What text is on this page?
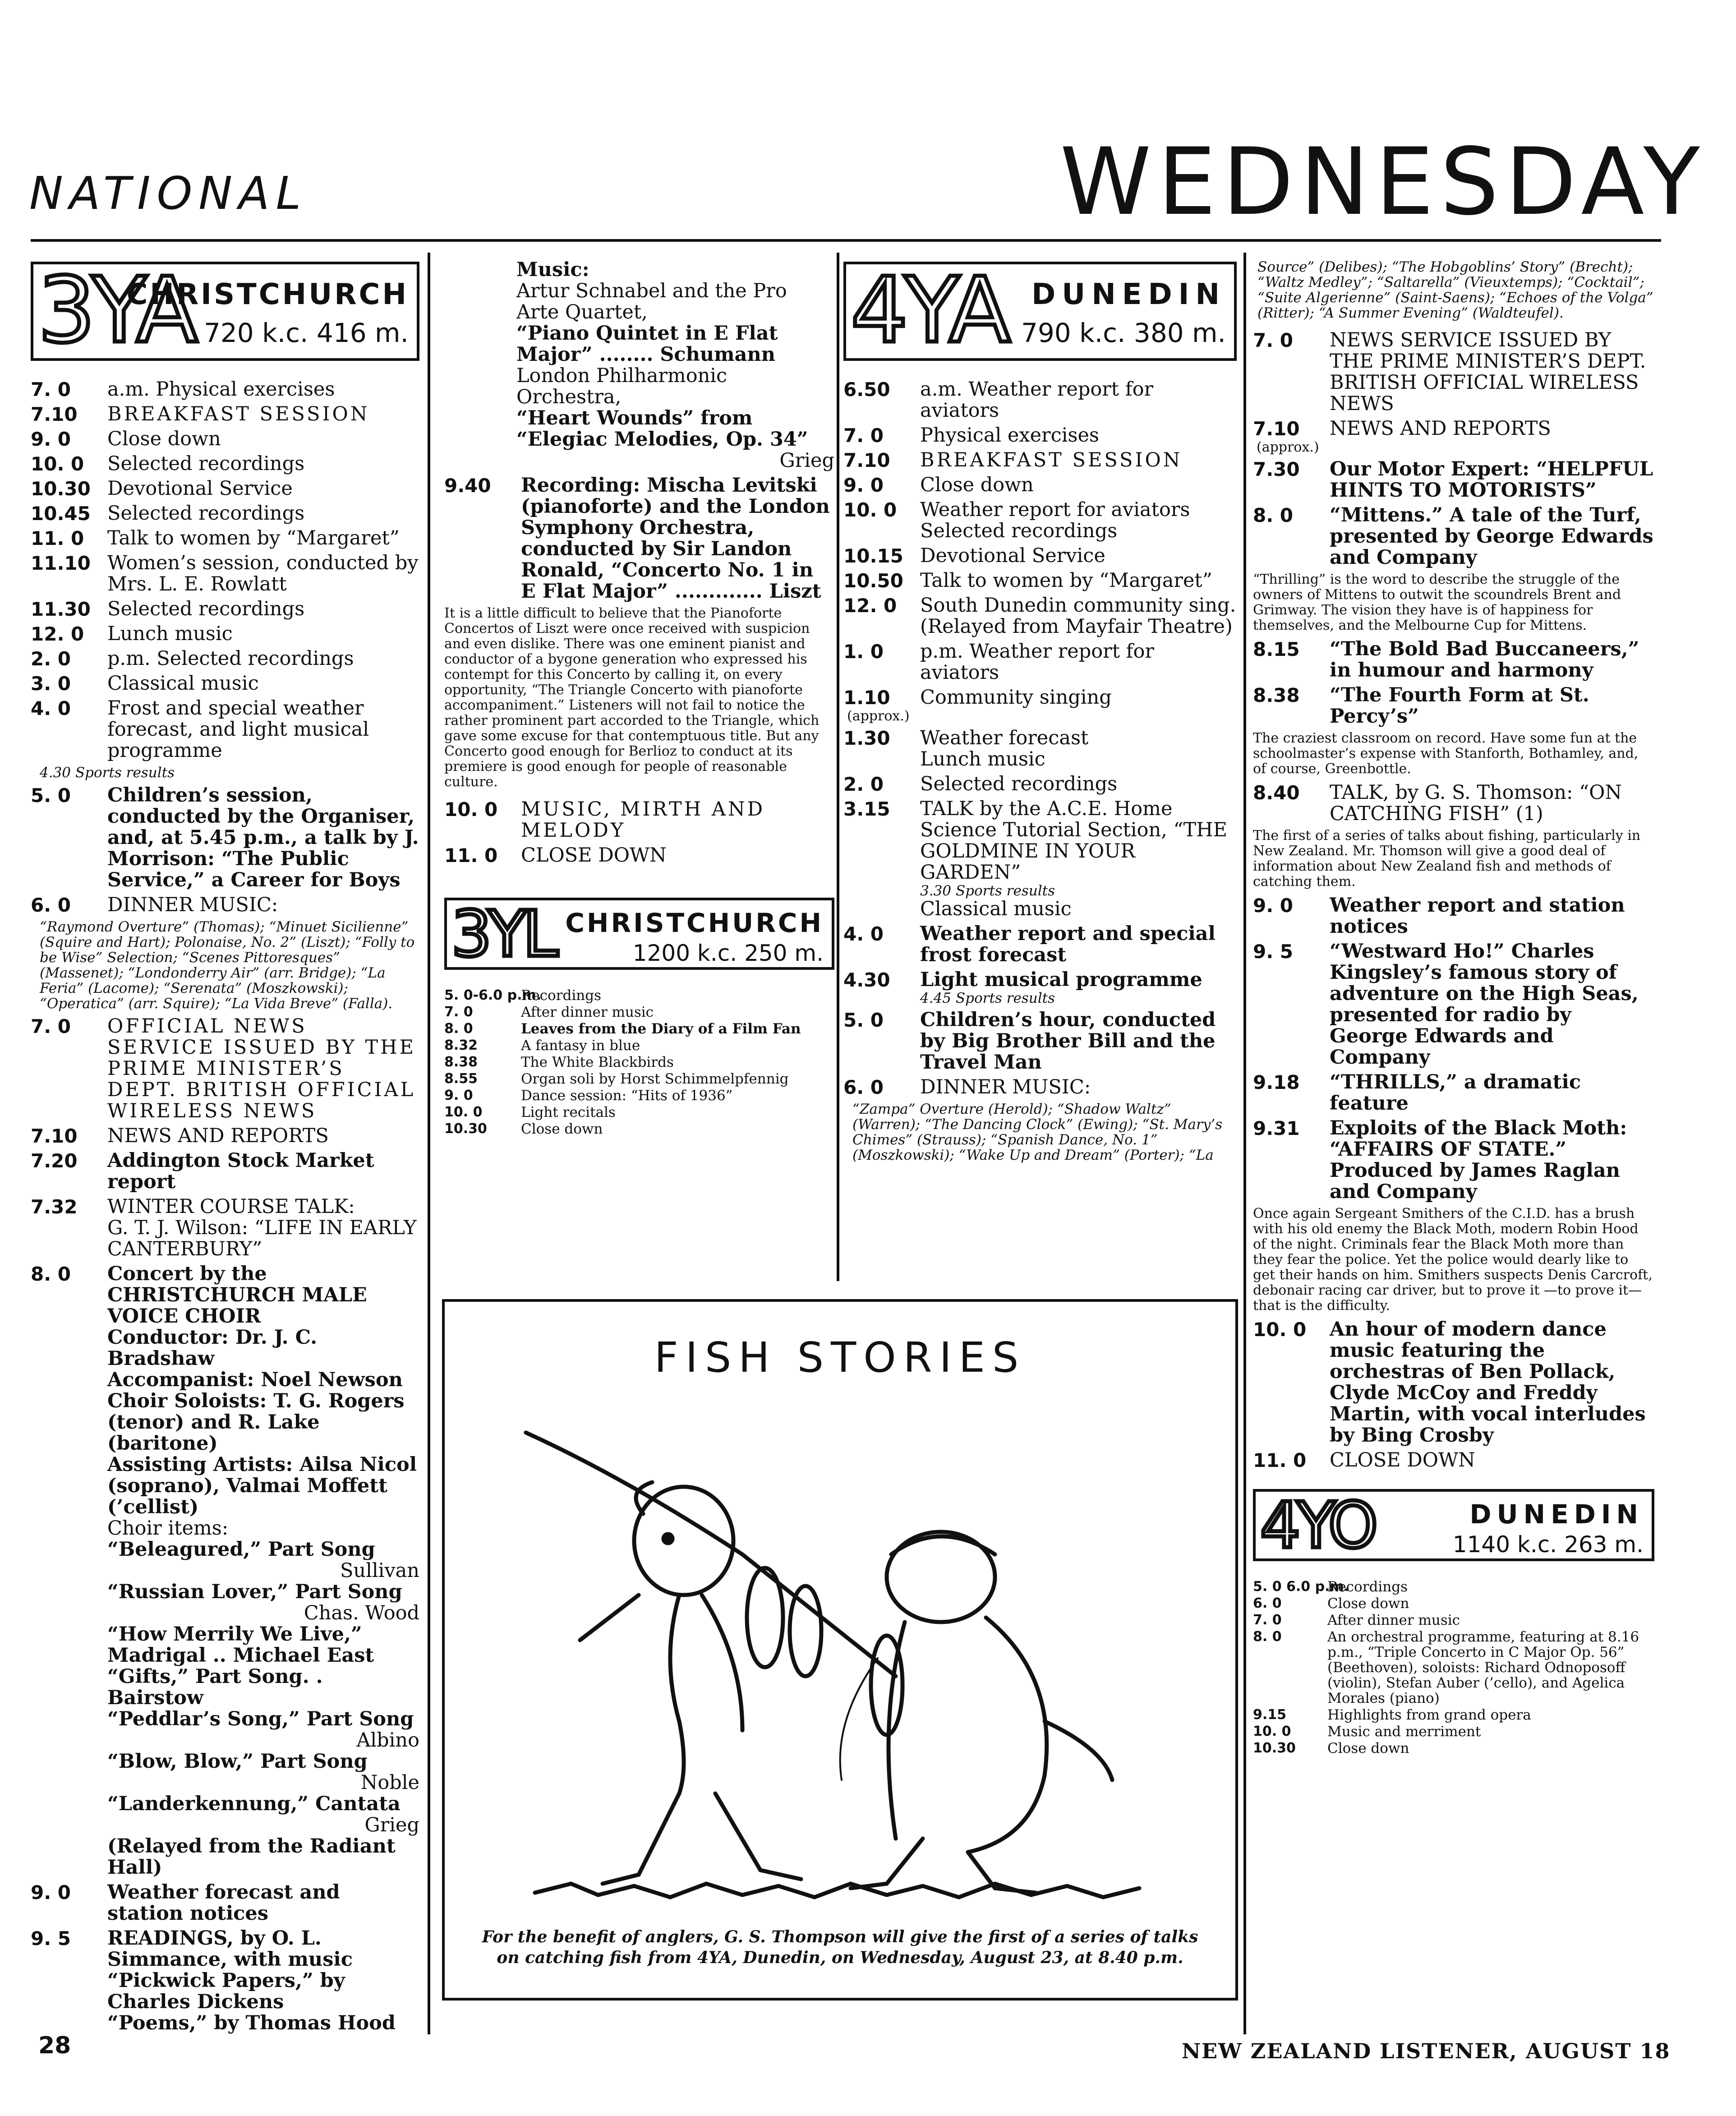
NATIONAL	WEDNESDAY
3YA
CHRISTCHURCH
720 k.c. 416 m.
7. 0 a.m. Physical exercises
7.10 BREAKFAST SESSION
9. 0 Close down
10. 0 Selected recordings
10.30 Devotional Service
10.45 Selected recordings
11. 0 Talk to women by “Margaret”
11.10 Women’s session, conducted by Mrs. L. E. Rowlatt
11.30 Selected recordings
12. 0 Lunch music
2. 0 p.m. Selected recordings
3. 0 Classical music
4. 0 Frost and special weather forecast, and light musical programme
4.30 Sports results
5. 0 Children’s session, conducted by the Organiser, and, at 5.45 p.m., a talk by J. Morrison: “The Public Service,” a Career for Boys
6. 0 DINNER MUSIC:
“Raymond Overture” (Thomas); “Minuet Sicilienne” (Squire and Hart); Polonaise, No. 2” (Liszt); “Folly to be Wise” Selection; “Scenes Pittoresques” (Massenet); “Londonderry Air” (arr. Bridge); “La Feria” (Lacome); “Serenata” (Moszkowski); “Operatica” (arr. Squire); “La Vida Breve” (Falla).
7. 0 OFFICIAL NEWS SERVICE ISSUED BY THE PRIME MINISTER’S DEPT. BRITISH OFFICIAL WIRELESS NEWS
7.10 NEWS AND REPORTS
7.20 Addington Stock Market report
7.32 WINTER COURSE TALK:
G. T. J. Wilson: “LIFE IN EARLY CANTERBURY”
8. 0 Concert by the CHRISTCHURCH MALE VOICE CHOIR
Conductor: Dr. J. C. Bradshaw
Accompanist: Noel Newson
Choir Soloists: T. G. Rogers (tenor) and R. Lake (baritone)
Assisting Artists: Ailsa Nicol (soprano), Valmai Moffett (’cellist)
Choir items:
“Beleagured,” Part Song
Sullivan
“Russian Lover,” Part Song
Chas. Wood
“How Merrily We Live,” Madrigal .. Michael East
“Gifts,” Part Song. . Bairstow
“Peddlar’s Song,” Part Song
Albino
“Blow, Blow,” Part Song
Noble
“Landerkennung,” Cantata
Grieg
(Relayed from the Radiant Hall)
9. 0 Weather forecast and station notices
9. 5 READINGS, by O. L. Simmance, with music
“Pickwick Papers,” by Charles Dickens
“Poems,” by Thomas Hood
Music:
Artur Schnabel and the Pro Arte Quartet,
“Piano Quintet in E Flat Major” ........ Schumann
London Philharmonic Orchestra,
“Heart Wounds” from “Elegiac Melodies, Op. 34”
Grieg
9.40 Recording: Mischa Levitski (pianoforte) and the London Symphony Orchestra, conducted by Sir Landon Ronald, “Concerto No. 1 in E Flat Major” ............. Liszt
It is a little difficult to believe that the Pianoforte Concertos of Liszt were once received with suspicion and even dislike. There was one eminent pianist and conductor of a bygone generation who expressed his contempt for this Concerto by calling it, on every opportunity, “The Triangle Concerto with pianoforte accompaniment.” Listeners will not fail to notice the rather prominent part accorded to the Triangle, which gave some excuse for that contemptuous title. But any Concerto good enough for Berlioz to conduct at its premiere is good enough for people of reasonable culture.
10. 0 MUSIC, MIRTH AND MELODY
11. 0 CLOSE DOWN
3YL CHRISTCHURCH
1200 k.c. 250 m.
5. 0-6.0 p.m.
Recordings
7. 0	After dinner music
8. 0	Leaves from the Diary of a Film Fan
8.32	A fantasy in blue
8.38	The White Blackbirds
8.55	Organ soli by Horst Schimmelpfennig
9. 0	Dance session: “Hits of 1936”
10. 0	Light recitals
10.30 Close down
4YA DUNEDIN
790 k.c. 380 m.
6.50 a.m. Weather report for aviators
7. 0 Physical exercises
7.10 BREAKFAST SESSION
9. 0 Close down
10. 0 Weather report for aviators
Selected recordings
10.15 Devotional Service
10.50 Talk to women by “Margaret”
12. 0 South Dunedin community sing. (Relayed from Mayfair Theatre)
1. 0 p.m. Weather report for aviators
1.10 Community singing
(approx.)
1.30 Weather forecast
Lunch music
2. 0 Selected recordings
3.15 TALK by the A.C.E. Home Science Tutorial Section, “THE GOLDMINE IN YOUR GARDEN”
3.30 Sports results
Classical music
4. 0 Weather report and special frost forecast
4.30 Light musical programme
4.45 Sports results
5. 0 Children’s hour, conducted by Big Brother Bill and the Travel Man
6. 0 DINNER MUSIC:
“Zampa” Overture (Herold); “Shadow Waltz” (Warren); “The Dancing Clock” (Ewing); “St. Mary’s Chimes” (Strauss); “Spanish Dance, No. 1” (Moszkowski); “Wake Up and Dream” (Porter); “La
FISH STORIES
For the benefit of anglers, G. S. Thompson will give the first of a series of talks on catching fish from 4YA, Dunedin, on Wednesday, August 23, at 8.40 p.m.
Source” (Delibes); “The Hobgoblins’ Story” (Brecht); “Waltz Medley”; “Saltarella” (Vieuxtemps); “Cocktail”; “Suite Algerienne” (Saint-Saens); “Echoes of the Volga” (Ritter); “A Summer Evening” (Waldteufel).
7. 0 NEWS SERVICE ISSUED BY THE PRIME MINISTER’S DEPT. BRITISH OFFICIAL WIRELESS NEWS
7.10 NEWS AND REPORTS
(approx.)
7.30 Our Motor Expert: “HELPFUL HINTS TO MOTORISTS”
8. 0 “Mittens.” A tale of the Turf, presented by George Edwards and Company
“Thrilling” is the word to describe the struggle of the owners of Mittens to outwit the scoundrels Brent and Grimway. The vision they have is of happiness for themselves, and the Melbourne Cup for Mittens.
8.15 “The Bold Bad Buccaneers,” in humour and harmony
8.38 “The Fourth Form at St. Percy’s”
The craziest classroom on record. Have some fun at the schoolmaster’s expense with Stanforth, Bothamley, and, of course, Greenbottle.
8.40 TALK, by G. S. Thomson: “ON CATCHING FISH” (1)
The first of a series of talks about fishing, particularly in New Zealand. Mr. Thomson will give a good deal of information about New Zealand fish and methods of catching them.
9. 0 Weather report and station notices
9. 5 “Westward Ho!” Charles Kingsley’s famous story of adventure on the High Seas, presented for radio by George Edwards and Company
9.18 “THRILLS,” a dramatic feature
9.31 Exploits of the Black Moth: “AFFAIRS OF STATE.” Produced by James Raglan and Company
Once again Sergeant Smithers of the C.I.D. has a brush with his old enemy the Black Moth, modern Robin Hood of the night. Criminals fear the Black Moth more than they fear the police. Yet the police would dearly like to get their hands on him. Smithers suspects Denis Carcroft, debonair racing car driver, but to prove it —to prove it—that is the difficulty.
10. 0 An hour of modern dance music featuring the orchestras of Ben Pollack, Clyde McCoy and Freddy Martin, with vocal interludes by Bing Crosby
11. 0 CLOSE DOWN
4YO	DUNEDIN
1140 k.c. 263 m.
5. 0 6.0 p.m.
Recordings
6. 0	Close down
7. 0	After dinner music
8. 0	An orchestral programme, featuring at 8.16 p.m., “Triple Concerto in C Major Op. 56” (Beethoven), soloists: Richard Odnoposoff (violin), Stefan Auber (’cello), and Agelica Morales (piano)
9.15	Highlights from grand opera
10. 0	Music and merriment
10.30 Close down
28	NEW ZEALAND LISTENER, AUGUST 18
